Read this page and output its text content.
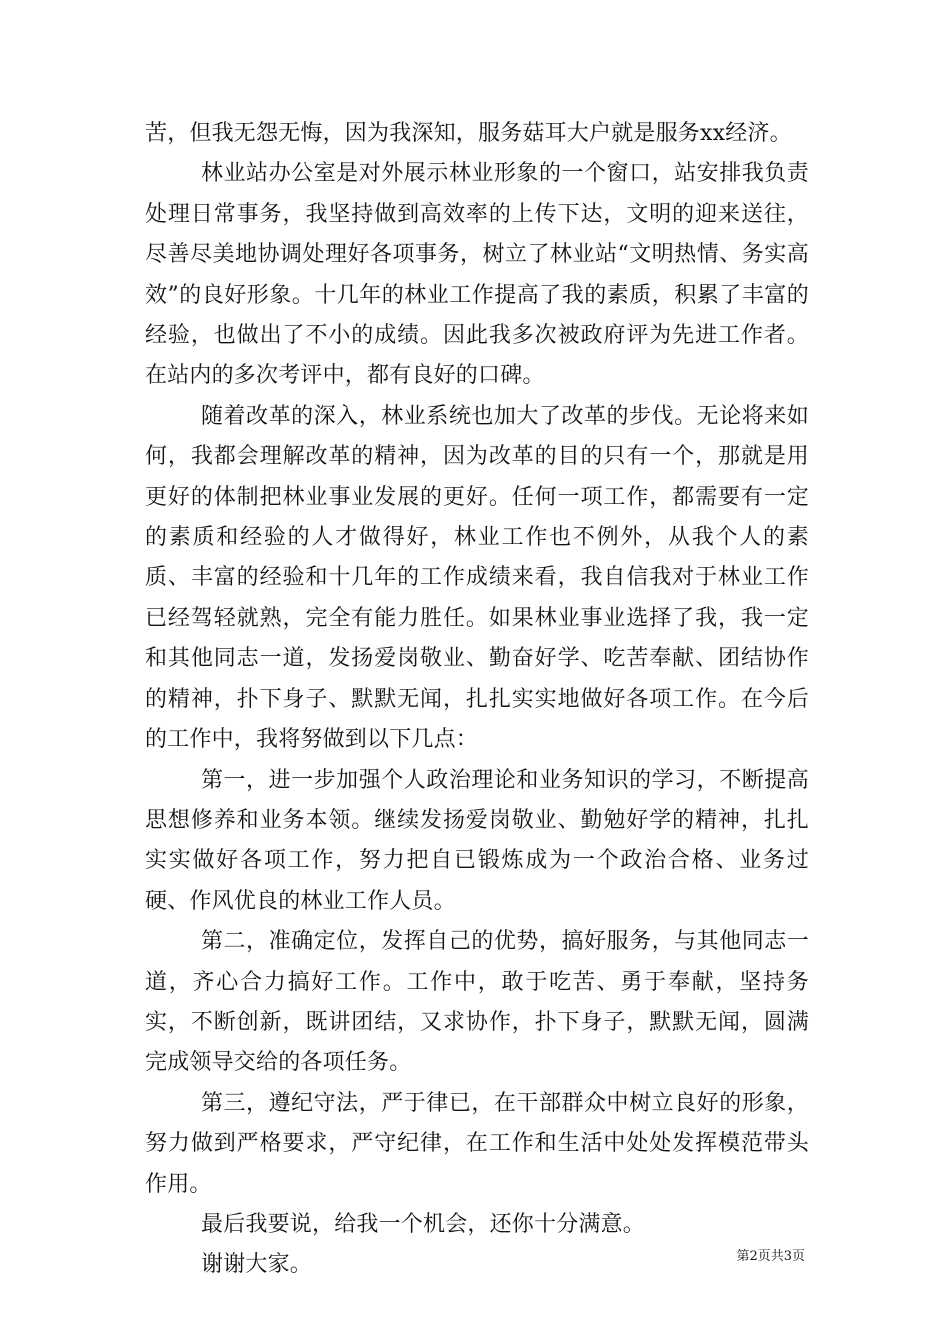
苦，但我无怨无悔，因为我深知，服务菇耳大户就是服务xx经济。

林业站办公室是对外展示林业形象的一个窗口，站安排我负责处理日常事务，我坚持做到高效率的上传下达，文明的迎来送往，尽善尽美地协调处理好各项事务，树立了林业站“文明热情、务实高效”的良好形象。十几年的林业工作提高了我的素质，积累了丰富的经验，也做出了不小的成绩。因此我多次被政府评为先进工作者。在站内的多次考评中，都有良好的口碑。

随着改革的深入，林业系统也加大了改革的步伐。无论将来如何，我都会理解改革的精神，因为改革的目的只有一个，那就是用更好的体制把林业事业发展的更好。任何一项工作，都需要有一定的素质和经验的人才做得好，林业工作也不例外，从我个人的素质、丰富的经验和十几年的工作成绩来看，我自信我对于林业工作已经驾轻就熟，完全有能力胜任。如果林业事业选择了我，我一定和其他同志一道，发扬爱岗敬业、勤奋好学、吃苦奉献、团结协作的精神，扑下身子、默默无闻，扎扎实实地做好各项工作。在今后的工作中，我将努做到以下几点：

第一，进一步加强个人政治理论和业务知识的学习，不断提高思想修养和业务本领。继续发扬爱岗敬业、勤勉好学的精神，扎扎实实做好各项工作，努力把自已锻炼成为一个政治合格、业务过硬、作风优良的林业工作人员。

第二，准确定位，发挥自己的优势，搞好服务，与其他同志一道，齐心合力搞好工作。工作中，敢于吃苦、勇于奉献，坚持务实，不断创新，既讲团结，又求协作，扑下身子，默默无闻，圆满完成领导交给的各项任务。

第三，遵纪守法，严于律已，在干部群众中树立良好的形象，努力做到严格要求，严守纪律，在工作和生活中处处发挥模范带头作用。

最后我要说，给我一个机会，还你十分满意。

谢谢大家。	第2页共3页
